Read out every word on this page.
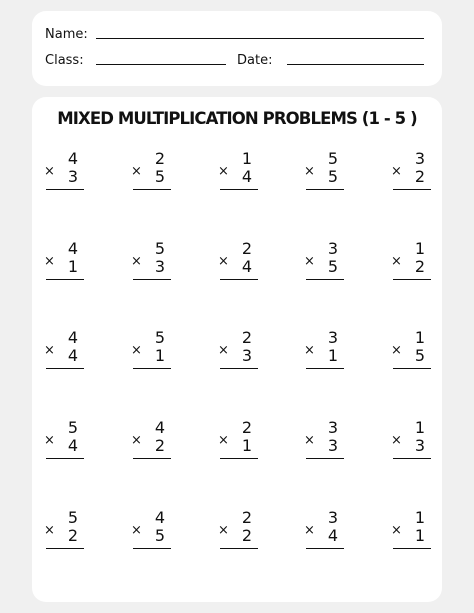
Name:
Class:	Date:
MIXED MULTIPLICATION PROBLEMS (1 - 5 )
4
× 3
2
× 5
1
× 4
5
× 5
3
× 2
4
× 1
5
× 3
2
× 4
3
× 5
1
× 2
4
× 4
5
× 1
2
× 3
3
× 1
1
× 5
5
× 4
4
× 2
2
× 1
3
× 3
1
× 3
5
× 2
4
× 5
2
× 2
3
× 4
1
× 1
